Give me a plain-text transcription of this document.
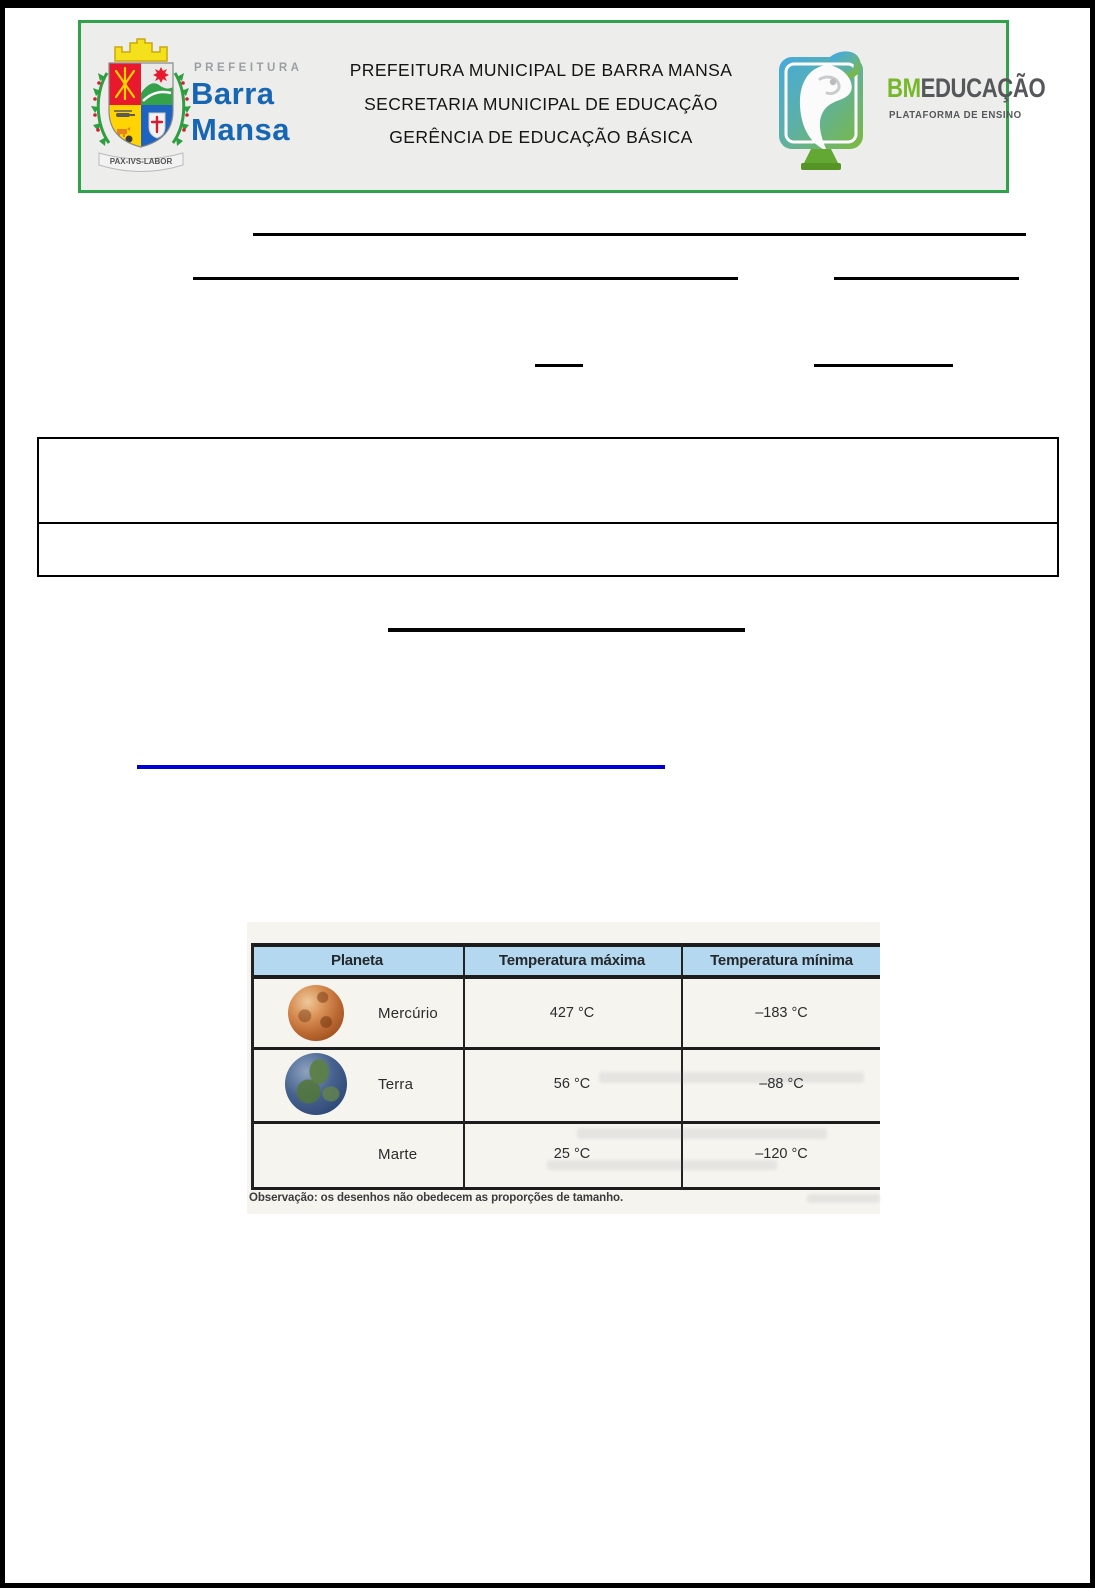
PAX-IVS-LABOR
PREFEITURA
Barra
Mansa
PREFEITURA MUNICIPAL DE BARRA MANSA
SECRETARIA MUNICIPAL DE EDUCAÇÃO
GERÊNCIA DE EDUCAÇÃO BÁSICA
BMEDUCAÇÃO
PLATAFORMA DE ENSINO
Planeta	Temperatura máxima	Temperatura mínima
Mercúrio	427 °C	–183 °C
Terra	56 °C	–88 °C
Marte	25 °C	–120 °C
Observação: os desenhos não obedecem as proporções de tamanho.
